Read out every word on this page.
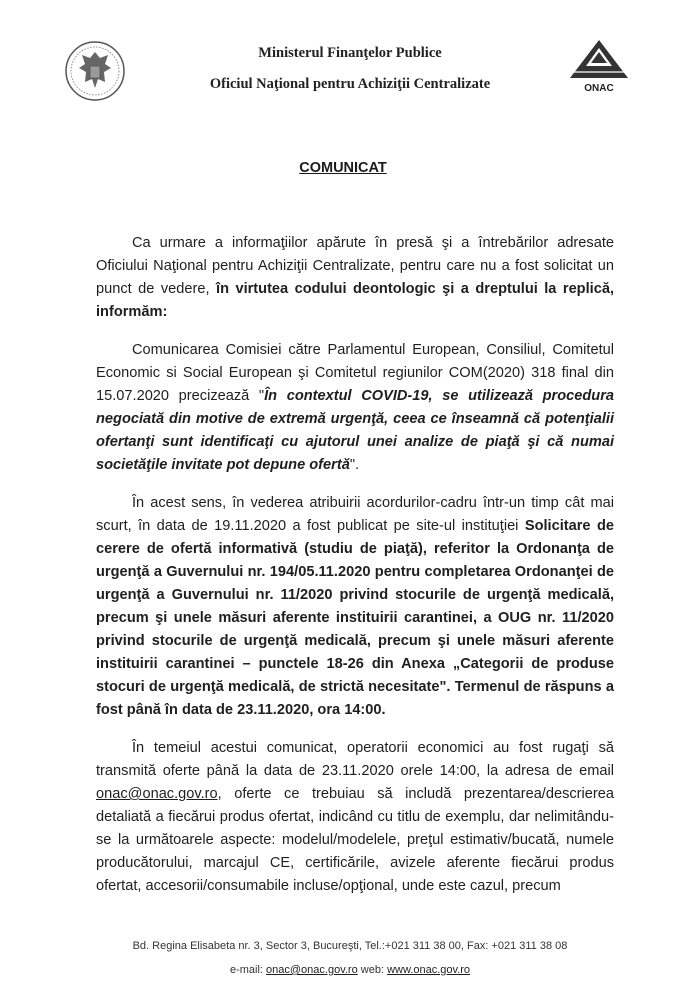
Ministerul Finanţelor Publice
Oficiul Naţional pentru Achiziţii Centralizate	ONAC
COMUNICAT

Ca urmare a informaţiilor apărute în presă şi a întrebărilor adresate Oficiului Naţional pentru Achiziţii Centralizate, pentru care nu a fost solicitat un punct de vedere, în virtutea codului deontologic şi a dreptului la replică, informăm:

Comunicarea Comisiei către Parlamentul European, Consiliul, Comitetul Economic si Social European şi Comitetul regiunilor COM(2020) 318 final din 15.07.2020 precizează "În contextul COVID-19, se utilizează procedura negociată din motive de extremă urgenţă, ceea ce înseamnă că potenţialii ofertanţi sunt identificaţi cu ajutorul unei analize de piaţă şi că numai societăţile invitate pot depune ofertă".

În acest sens, în vederea atribuirii acordurilor-cadru într-un timp cât mai scurt, în data de 19.11.2020 a fost publicat pe site-ul instituţiei Solicitare de cerere de ofertă informativă (studiu de piaţă), referitor la Ordonanţa de urgenţă a Guvernului nr. 194/05.11.2020 pentru completarea Ordonanţei de urgenţă a Guvernului nr. 11/2020 privind stocurile de urgenţă medicală, precum şi unele măsuri aferente instituirii carantinei, a OUG nr. 11/2020 privind stocurile de urgenţă medicală, precum şi unele măsuri aferente instituirii carantinei – punctele 18-26 din Anexa „Categorii de produse stocuri de urgenţă medicală, de strictă necesitate". Termenul de răspuns a fost până în data de 23.11.2020, ora 14:00.

În temeiul acestui comunicat, operatorii economici au fost rugaţi să transmită oferte până la data de 23.11.2020 orele 14:00, la adresa de email onac@onac.gov.ro, oferte ce trebuiau să includă prezentarea/descrierea detaliată a fiecărui produs ofertat, indicând cu titlu de exemplu, dar nelimitându-se la următoarele aspecte: modelul/modelele, preţul estimativ/bucată, numele producătorului, marcajul CE, certificările, avizele aferente fiecărui produs ofertat, accesorii/consumabile incluse/opţional, unde este cazul, precum

Bd. Regina Elisabeta nr. 3, Sector 3, Bucureşti, Tel.:+021 311 38 00, Fax: +021 311 38 08
e-mail: onac@onac.gov.ro web: www.onac.gov.ro
